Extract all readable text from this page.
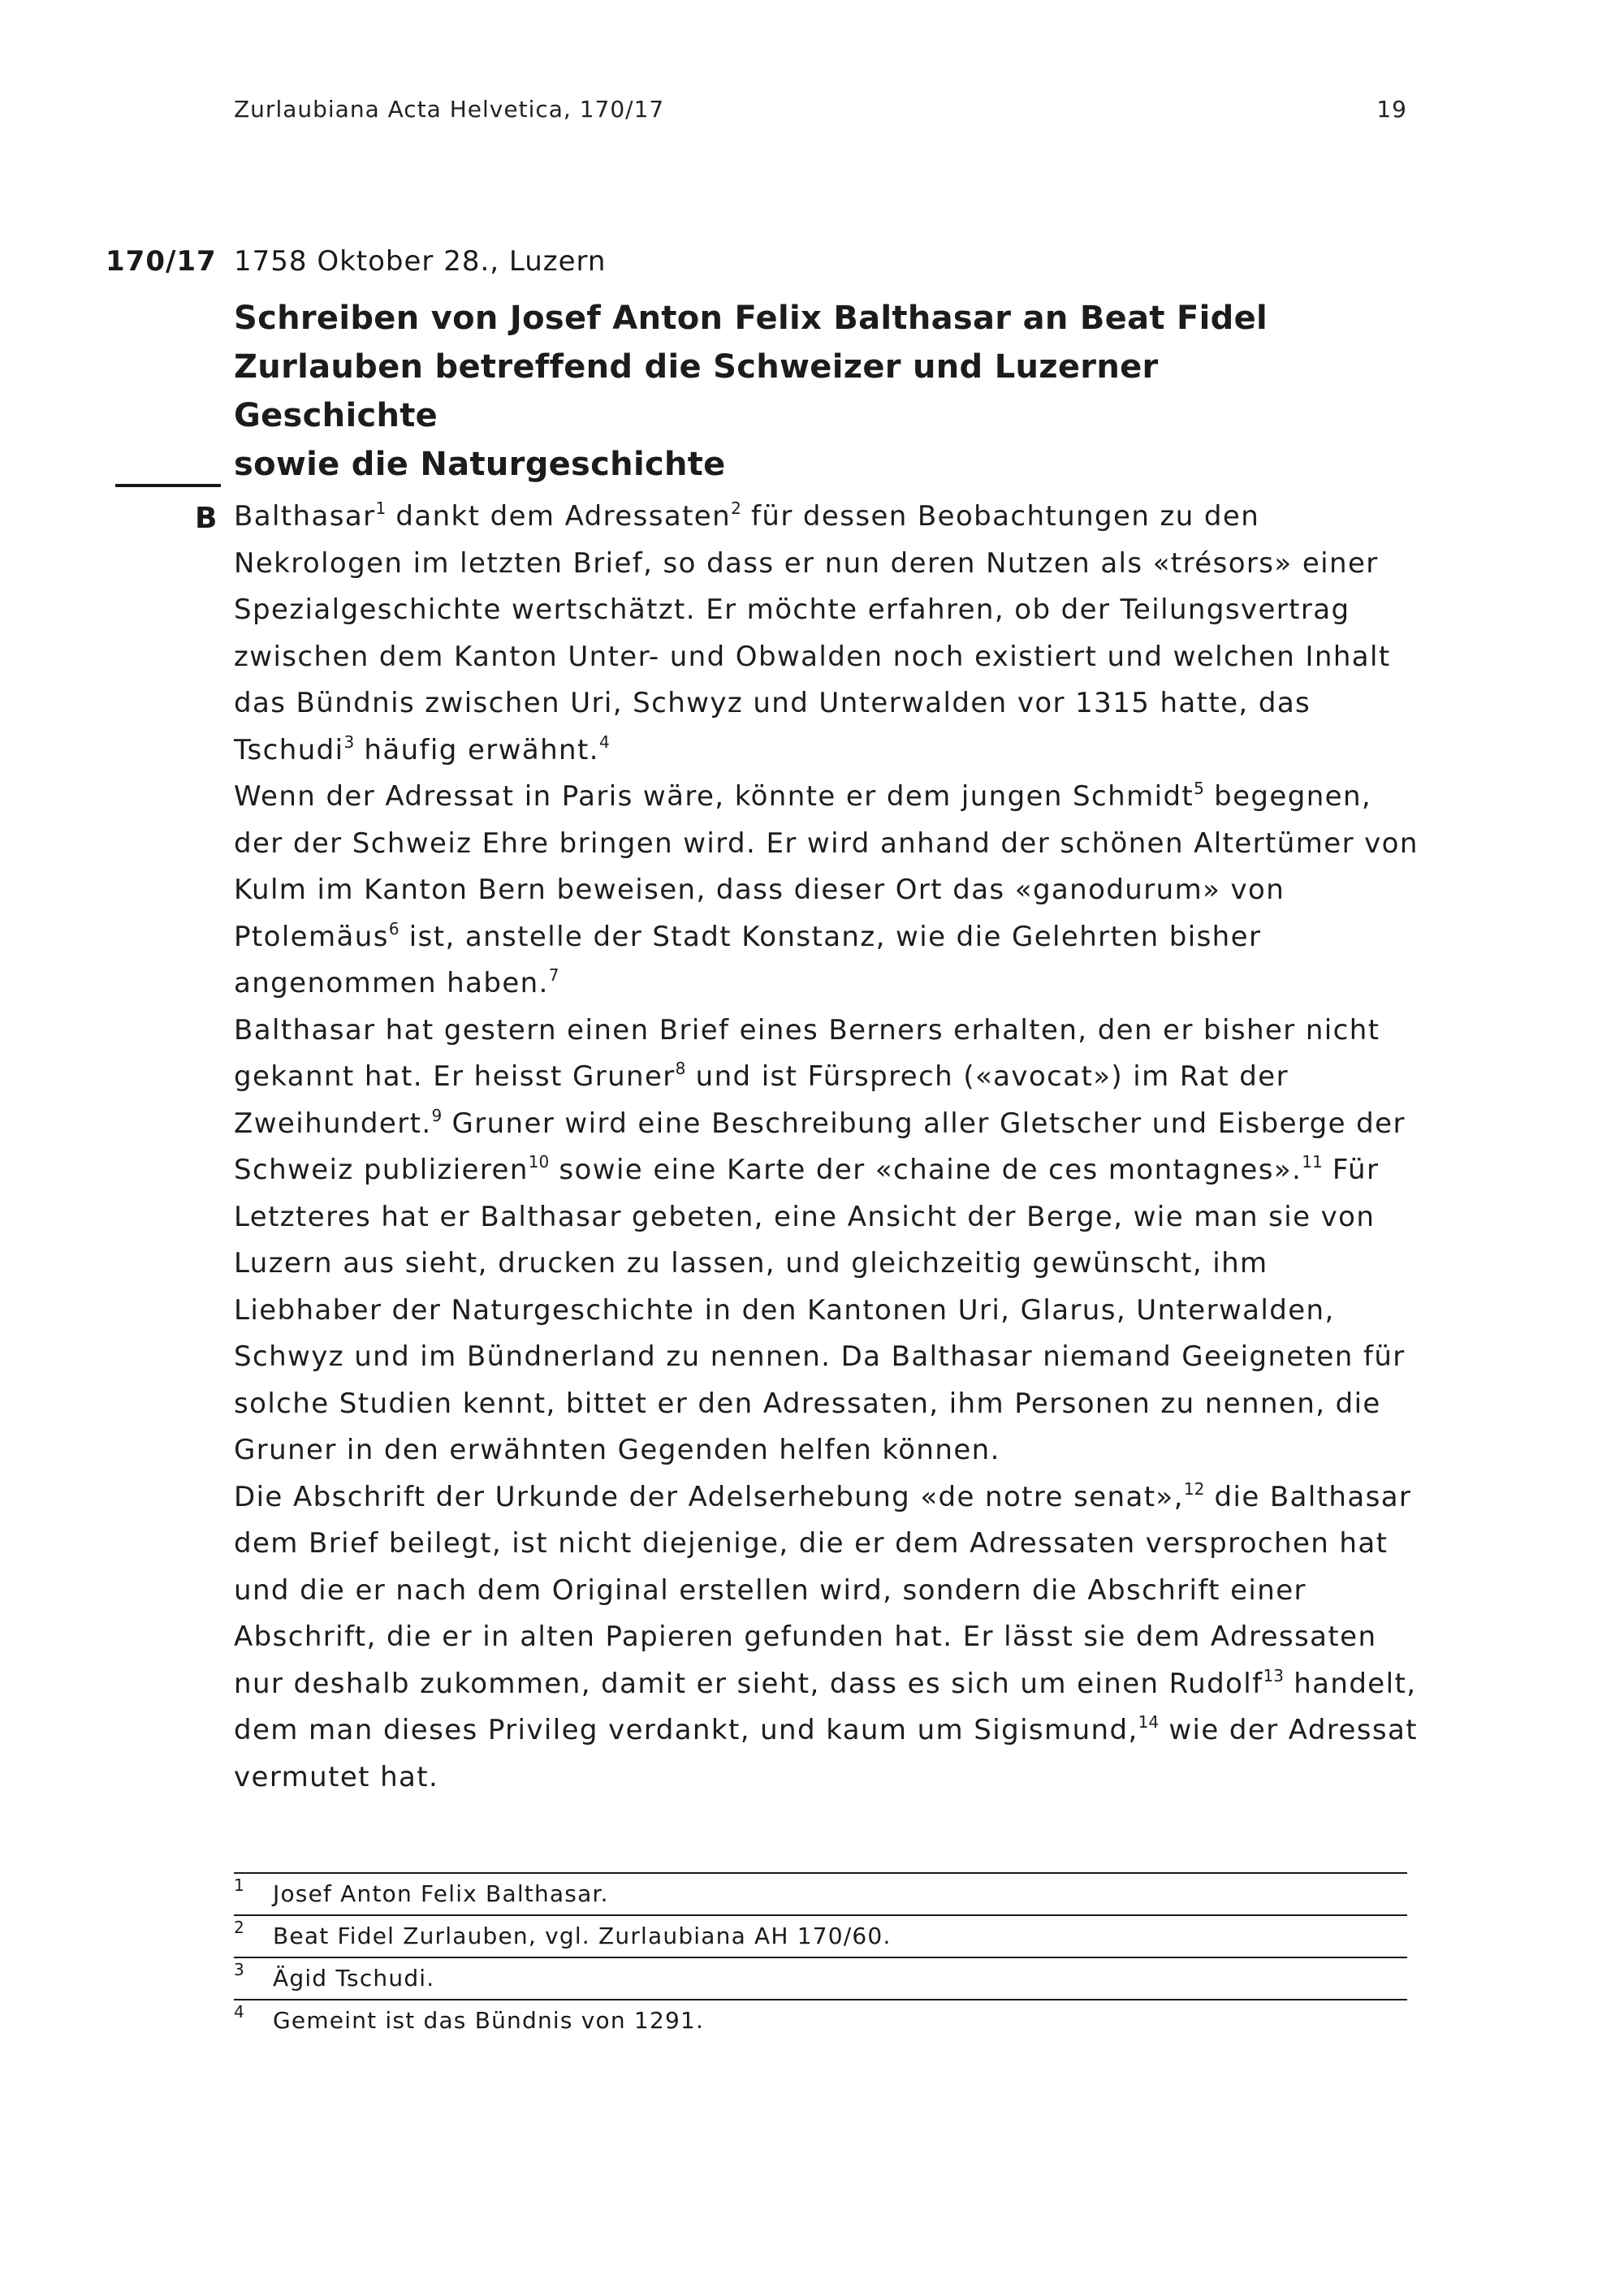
Zurlaubiana Acta Helvetica, 170/17	19
170/17 1758 Oktober 28., Luzern
Schreiben von Josef Anton Felix Balthasar an Beat Fidel
Zurlauben betreffend die Schweizer und Luzerner Geschichte
sowie die Naturgeschichte
B Balthasar$^1$ dankt dem Adressaten$^2$ für dessen Beobachtungen zu den Nekrologen im letzten Brief, so dass er nun deren Nutzen als «trésors» einer Spezialgeschichte wertschätzt. Er möchte erfahren, ob der Teilungsvertrag zwischen dem Kanton Unter- und Obwalden noch existiert und welchen Inhalt das Bündnis zwischen Uri, Schwyz und Unterwalden vor 1315 hatte, das Tschudi$^3$ häufig erwähnt.$^4$

Wenn der Adressat in Paris wäre, könnte er dem jungen Schmidt$^5$ begegnen, der der Schweiz Ehre bringen wird. Er wird anhand der schönen Altertümer von Kulm im Kanton Bern beweisen, dass dieser Ort das «ganodurum» von Ptolemäus$^6$ ist, anstelle der Stadt Konstanz, wie die Gelehrten bisher angenommen haben.$^7$

Balthasar hat gestern einen Brief eines Berners erhalten, den er bisher nicht gekannt hat. Er heisst Gruner$^8$ und ist Fürsprech («avocat») im Rat der Zweihundert.$^9$ Gruner wird eine Beschreibung aller Gletscher und Eisberge der Schweiz publizieren$^{10}$ sowie eine Karte der «chaine de ces montagnes».$^{11}$ Für Letzteres hat er Balthasar gebeten, eine Ansicht der Berge, wie man sie von Luzern aus sieht, drucken zu lassen, und gleichzeitig gewünscht, ihm Liebhaber der Naturgeschichte in den Kantonen Uri, Glarus, Unterwalden, Schwyz und im Bündnerland zu nennen. Da Balthasar niemand Geeigneten für solche Studien kennt, bittet er den Adressaten, ihm Personen zu nennen, die Gruner in den erwähnten Gegenden helfen können.

Die Abschrift der Urkunde der Adelserhebung «de notre senat»,$^{12}$ die Balthasar dem Brief beilegt, ist nicht diejenige, die er dem Adressaten versprochen hat und die er nach dem Original erstellen wird, sondern die Abschrift einer Abschrift, die er in alten Papieren gefunden hat. Er lässt sie dem Adressaten nur deshalb zukommen, damit er sieht, dass es sich um einen Rudolf$^{13}$ handelt, dem man dieses Privileg verdankt, und kaum um Sigismund,$^{14}$ wie der Adressat vermutet hat.

1 Josef Anton Felix Balthasar.
2 Beat Fidel Zurlauben, vgl. Zurlaubiana AH 170/60.
3 Ägid Tschudi.
4 Gemeint ist das Bündnis von 1291.
